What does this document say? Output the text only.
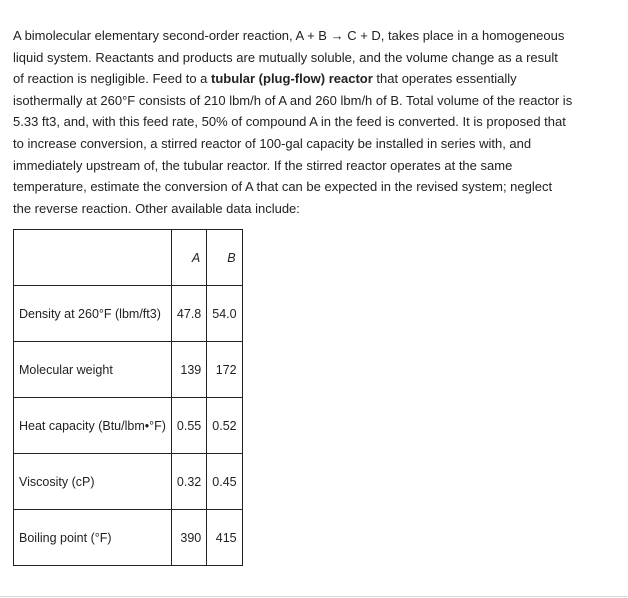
A bimolecular elementary second-order reaction, A + B → C + D, takes place in a homogeneous
liquid system. Reactants and products are mutually soluble, and the volume change as a result
of reaction is negligible. Feed to a tubular (plug-flow) reactor that operates essentially
isothermally at 260°F consists of 210 lbm/h of A and 260 lbm/h of B. Total volume of the reactor is
5.33 ft3, and, with this feed rate, 50% of compound A in the feed is converted. It is proposed that
to increase conversion, a stirred reactor of 100-gal capacity be installed in series with, and
immediately upstream of, the tubular reactor. If the stirred reactor operates at the same
temperature, estimate the conversion of A that can be expected in the revised system; neglect
the reverse reaction. Other available data include:
	A	B
Density at 260°F (lbm/ft3)	47.8	54.0
Molecular weight	139	172
Heat capacity (Btu/lbm•°F)	0.55	0.52
Viscosity (cP)	0.32	0.45
Boiling point (°F)	390	415
